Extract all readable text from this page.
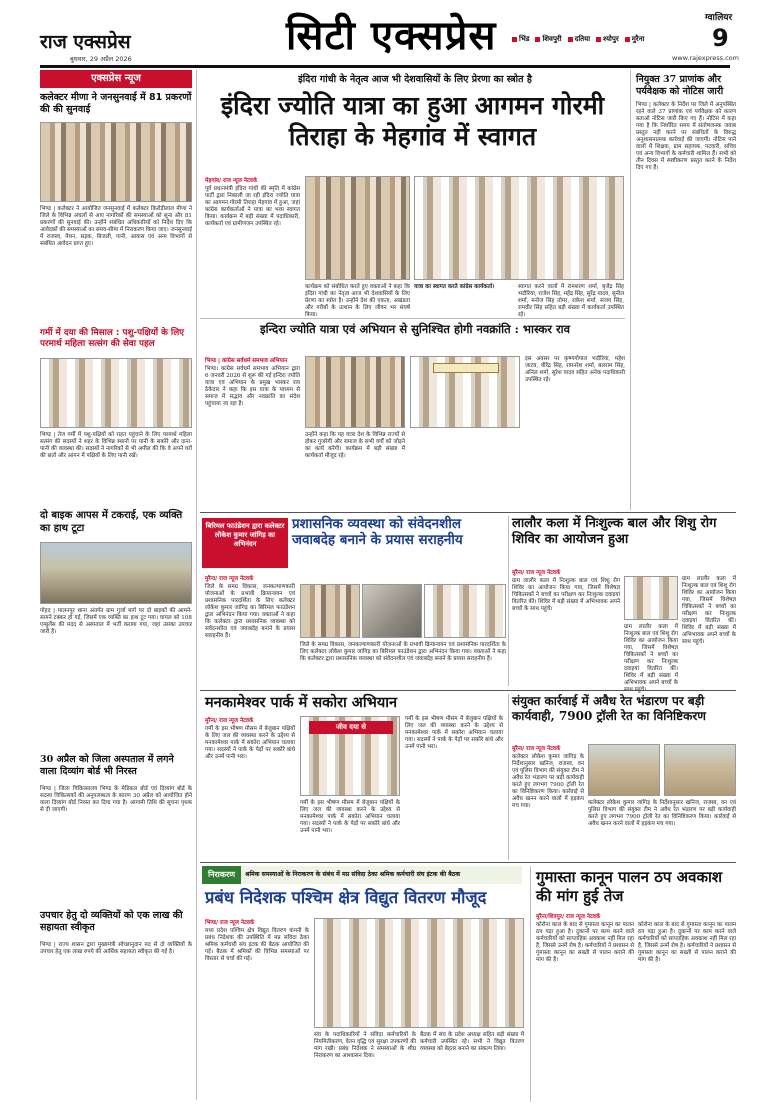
राज एक्सप्रेस
बुधवार, 29 अप्रैल 2026	सिटी एक्सप्रेस	ग्वालियर
9
भिंड शिवपुरी दतिया श्योपुर मुरैना
www.rajexpress.com
एक्सप्रेस न्यूज
कलेक्टर मीणा ने जनसुनवाई में 81 प्रकरणों की की सुनवाई
भिण्ड | कलेक्टर ने आयोजित जनसुनवाई में कलेक्टर किरोड़ीलाल मीणा ने जिले के विभिन्न अंचलों से आए नागरिकों की समस्याओं को सुना और 81 प्रकरणों की सुनवाई की। उन्होंने संबंधित अधिकारियों को निर्देश दिए कि आवेदकों की समस्याओं का समय-सीमा में निराकरण किया जाए। जनसुनवाई में राजस्व, पेंशन, सड़क, बिजली, पानी, आवास एवं अन्य विभागों से संबंधित आवेदन प्राप्त हुए।
गर्मी में दया की मिसाल : पशु-पक्षियों के लिए परमार्थ महिला सत्संग की सेवा पहल
भिण्ड | तेज गर्मी में पशु-पक्षियों को राहत पहुंचाने के लिए परमार्थ महिला सत्संग की सदस्यों ने शहर के विभिन्न स्थानों पर पानी के सकोरे और दाना-पानी की व्यवस्था की। सदस्यों ने नागरिकों से भी अपील की कि वे अपने घरों की छतों और आंगन में पक्षियों के लिए पानी रखें।
दो बाइक आपस में टकराई, एक व्यक्ति का हाथ टूटा
गोहद | मालनपुर थाना अंतर्गत ग्राम गुर्जा मार्ग पर दो बाइकों की आमने-सामने टक्कर हो गई, जिसमें एक व्यक्ति का हाथ टूट गया। घायल को 108 एम्बुलेंस की मदद से अस्पताल में भर्ती कराया गया, जहां उसका उपचार जारी है।
30 अप्रैल को जिला अस्पताल में लगने वाला दिव्यांग बोर्ड भी निरस्त
भिण्ड | जिला चिकित्सालय भिण्ड के मेडिकल बोर्ड एवं दिव्यांग बोर्ड के सदस्य चिकित्सकों की अनुपलब्धता के कारण 30 अप्रैल को आयोजित होने वाला दिव्यांग बोर्ड निरस्त कर दिया गया है। आगामी तिथि की सूचना पृथक से दी जाएगी।
उपचार हेतु दो व्यक्तियों को एक लाख की सहायता स्वीकृत
भिण्ड | राज्य शासन द्वारा मुख्यमंत्री स्वेच्छानुदान मद से दो व्यक्तियों के उपचार हेतु एक लाख रुपये की आर्थिक सहायता स्वीकृत की गई है।
इंदिरा गांधी के नेतृत्व आज भी देशवासियों के लिए प्रेरणा का स्त्रोत है
इंदिरा ज्योति यात्रा का हुआ आगमन गोरमी तिराहा के मेहगांव में स्वागत
मेहगांव/ राज न्यूज नेटवर्क
पूर्व प्रधानमंत्री इंदिरा गांधी की स्मृति में कांग्रेस पार्टी द्वारा निकाली जा रही इंदिरा ज्योति यात्रा का आगमन गोरमी तिराहा मेहगांव में हुआ, जहां कांग्रेस कार्यकर्ताओं ने यात्रा का भव्य स्वागत किया। कार्यक्रम में बड़ी संख्या में पदाधिकारी, कार्यकर्ता एवं ग्रामीणजन उपस्थित रहे।
कार्यक्रम को संबोधित करते हुए वक्ताओं ने कहा कि इंदिरा गांधी का नेतृत्व आज भी देशवासियों के लिए प्रेरणा का स्त्रोत है। उन्होंने देश की एकता, अखंडता और गरीबों के उत्थान के लिए जीवन भर संघर्ष किया।
यात्रा का स्वागत करते कांग्रेस कार्यकर्ता।	स्वागत करने वालों में रामशरण शर्मा, बृजेंद्र सिंह भदौरिया, राजेश सिंह, महेंद्र सिंह, सुरेंद्र यादव, सुनील शर्मा, मनोज सिंह तोमर, राकेश शर्मा, संजय सिंह, रामवीर सिंह सहित बड़ी संख्या में कार्यकर्ता उपस्थित रहे।
नियुक्त 37 प्राणांक और पर्यवेक्षक को नोटिस जारी
भिण्ड | कलेक्टर के निर्देश पर जिले में अनुपस्थित रहने वाले 37 प्राणांक एवं पर्यवेक्षक को कारण बताओ नोटिस जारी किए गए हैं। नोटिस में कहा गया है कि निर्धारित समय में संतोषजनक जवाब प्रस्तुत नहीं करने पर संबंधितों के विरुद्ध अनुशासनात्मक कार्रवाई की जाएगी। नोटिस पाने वालों में शिक्षक, ग्राम सहायक, पटवारी, सचिव एवं अन्य विभागों के कर्मचारी शामिल हैं। सभी को तीन दिवस में स्पष्टीकरण प्रस्तुत करने के निर्देश दिए गए हैं।
इन्दिरा ज्योति यात्रा एवं अभियान से सुनिश्चित होगी नवक्रांति : भास्कर राव
भिण्ड | कांग्रेस सर्वधर्म समभाव अभियान
भिण्ड। कांग्रेस सर्वधर्म समभाव अभियान द्वारा 6 जनवरी 2026 से शुरू की गई इन्दिरा ज्योति यात्रा एवं अभियान के प्रमुख भास्कर राव ठेकेदार ने कहा कि इस यात्रा के माध्यम से समाज में सद्भाव और नवक्रांति का संदेश पहुंचाया जा रहा है।
उन्होंने कहा कि यह यात्रा देश के विभिन्न राज्यों से होकर गुजरेगी और समाज के सभी वर्गों को जोड़ने का कार्य करेगी। कार्यक्रम में बड़ी संख्या में कार्यकर्ता मौजूद रहे।
इस अवसर पर कृष्णगोपाल भदौरिया, महेश जाटव, वीरेंद्र सिंह, रामनरेश शर्मा, बलराम सिंह, अनिल शर्मा, सुरेश यादव सहित अनेक पदाधिकारी उपस्थित रहे।
बिरिमल फाउंडेशन द्वारा कलेक्टर लोकेश कुमार जांगिड़ का अभिनंदन
प्रशासनिक व्यवस्था को संवेदनशील जवाबदेह बनाने के प्रयास सराहनीय
मुरैना/ राज न्यूज नेटवर्क
जिले के समग्र विकास, जनकल्याणकारी योजनाओं के प्रभावी क्रियान्वयन एवं प्रशासनिक पारदर्शिता के लिए कलेक्टर लोकेश कुमार जांगिड़ का बिरिमल फाउंडेशन द्वारा अभिनंदन किया गया। वक्ताओं ने कहा कि कलेक्टर द्वारा प्रशासनिक व्यवस्था को संवेदनशील एवं जवाबदेह बनाने के प्रयास सराहनीय हैं।
जिले के समग्र विकास, जनकल्याणकारी योजनाओं के प्रभावी क्रियान्वयन एवं प्रशासनिक पारदर्शिता के लिए कलेक्टर लोकेश कुमार जांगिड़ का बिरिमल फाउंडेशन द्वारा अभिनंदन किया गया। वक्ताओं ने कहा कि कलेक्टर द्वारा प्रशासनिक व्यवस्था को संवेदनशील एवं जवाबदेह बनाने के प्रयास सराहनीय हैं।
लालौर कला में निःशुल्क बाल और शिशु रोग शिविर का आयोजन हुआ
मुरैना/ राज न्यूज नेटवर्क
ग्राम लालौर कला में निःशुल्क बाल एवं शिशु रोग शिविर का आयोजन किया गया, जिसमें विशेषज्ञ चिकित्सकों ने बच्चों का परीक्षण कर निःशुल्क दवाइयां वितरित कीं। शिविर में बड़ी संख्या में अभिभावक अपने बच्चों के साथ पहुंचे।
ग्राम लालौर कला में निःशुल्क बाल एवं शिशु रोग शिविर का आयोजन किया गया, जिसमें विशेषज्ञ चिकित्सकों ने बच्चों का परीक्षण कर निःशुल्क दवाइयां वितरित कीं। शिविर में बड़ी संख्या में अभिभावक अपने बच्चों के साथ पहुंचे।
ग्राम लालौर कला में निःशुल्क बाल एवं शिशु रोग शिविर का आयोजन किया गया, जिसमें विशेषज्ञ चिकित्सकों ने बच्चों का परीक्षण कर निःशुल्क दवाइयां वितरित कीं। शिविर में बड़ी संख्या में अभिभावक अपने बच्चों के
मनकामेश्वर पार्क में सकोरा अभियान
मुरैना/ राज न्यूज नेटवर्क
गर्मी के इस भीषण मौसम में बेजुबान पक्षियों के लिए जल की व्यवस्था करने के उद्देश्य से मनकामेश्वर पार्क में सकोरा अभियान चलाया गया। सदस्यों ने पार्क के पेड़ों पर सकोरे बांधे और उनमें पानी भरा।
जीव दया से
गर्मी के इस भीषण मौसम में बेजुबान पक्षियों के लिए जल की व्यवस्था करने के उद्देश्य से मनकामेश्वर पार्क में सकोरा अभियान चलाया गया। सदस्यों ने पार्क के पेड़ों पर सकोरे बांधे और उनमें पानी भरा।
गर्मी के इस भीषण मौसम में बेजुबान पक्षियों के लिए जल की व्यवस्था करने के उद्देश्य से मनकामेश्वर पार्क में सकोरा अभियान चलाया गया। सदस्यों ने पार्क के पेड़ों पर सकोरे बांधे और उनमें पानी भरा।
संयुक्त कार्रवाई में अवैध रेत भंडारण पर बड़ी कार्यवाही, 7900 ट्रॉली रेत का विनिष्टिकरण
मुरैना/ राज न्यूज नेटवर्क
कलेक्टर लोकेश कुमार जांगिड़ के निर्देशानुसार खनिज, राजस्व, वन एवं पुलिस विभाग की संयुक्त टीम ने अवैध रेत भंडारण पर बड़ी कार्यवाही करते हुए लगभग 7900 ट्रॉली रेत का विनिष्टिकरण किया। कार्रवाई से अवैध खनन करने वालों में हड़कंप मच गया।	कलेक्टर लोकेश कुमार जांगिड़ के निर्देशानुसार खनिज, राजस्व, वन एवं पुलिस विभाग की संयुक्त टीम ने अवैध रेत भंडारण पर बड़ी कार्यवाही करते हुए लगभग 7900 ट्रॉली रेत का विनिष्टिकरण किया। कार्रवाई से अवैध खनन करने वालों में हड़कंप मच गया।
निराकरण	श्रमिक समस्याओं के निराकरण के संबंध में मप्र संविदा ठेका श्रमिक कर्मचारी संघ इंटक की बैठक
प्रबंध निदेशक पश्चिम क्षेत्र विद्युत वितरण मौजूद
भिण्ड/ राज न्यूज नेटवर्क
मध्य प्रदेश पश्चिम क्षेत्र विद्युत वितरण कंपनी के प्रबंध निदेशक की उपस्थिति में मप्र संविदा ठेका श्रमिक कर्मचारी संघ इंटक की बैठक आयोजित की गई। बैठक में श्रमिकों की विभिन्न समस्याओं पर विस्तार से चर्चा की गई।
संघ के पदाधिकारियों ने संविदा कर्मचारियों के नियमितीकरण, वेतन वृद्धि एवं सुरक्षा उपकरणों की मांग रखी। प्रबंध निदेशक ने समस्याओं के शीघ्र निराकरण का आश्वासन दिया।
बैठक में संघ के प्रदेश अध्यक्ष सहित बड़ी संख्या में कर्मचारी उपस्थित रहे। सभी ने विद्युत वितरण व्यवस्था को बेहतर बनाने का संकल्प लिया।
गुमास्ता कानून पालन ठप अवकाश की मांग हुई तेज
मुरैना/शिवपुर/ राज न्यूज नेटवर्क
कोरोना काल के बाद से गुमास्ता कानून का पालन ठप पड़ा हुआ है। दुकानों पर काम करने वाले कर्मचारियों को साप्ताहिक अवकाश नहीं मिल रहा है, जिससे उनमें रोष है। कर्मचारियों ने प्रशासन से गुमास्ता कानून का सख्ती से पालन कराने की मांग की है।
कोरोना काल के बाद से गुमास्ता कानून का पालन ठप पड़ा हुआ है। दुकानों पर काम करने वाले कर्मचारियों को साप्ताहिक अवकाश नहीं मिल रहा है, जिससे उनमें रोष है। कर्मचारियों ने प्रशासन से गुमास्ता कानून का सख्ती से पालन कराने की मांग की है।
